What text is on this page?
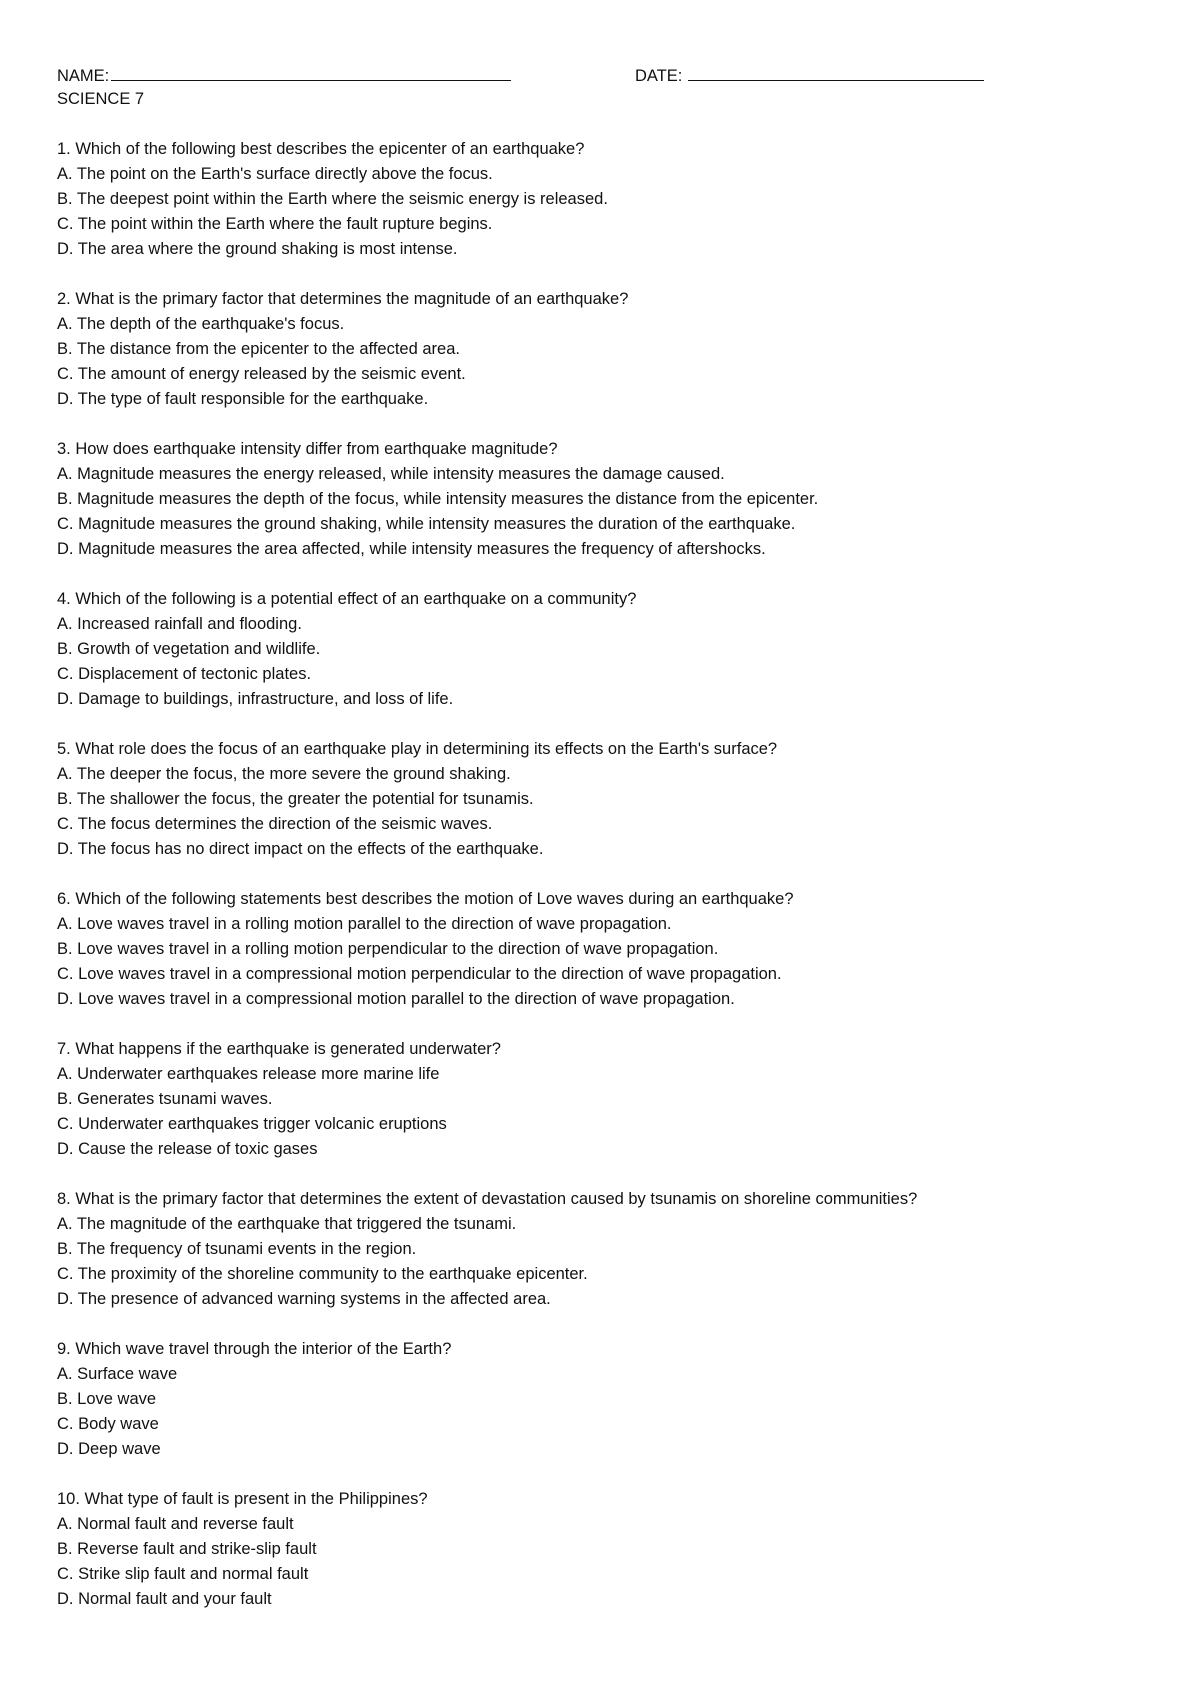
NAME:	DATE:
SCIENCE 7
1. Which of the following best describes the epicenter of an earthquake?
A. The point on the Earth's surface directly above the focus.
B. The deepest point within the Earth where the seismic energy is released.
C. The point within the Earth where the fault rupture begins.
D. The area where the ground shaking is most intense.
2. What is the primary factor that determines the magnitude of an earthquake?
A. The depth of the earthquake's focus.
B. The distance from the epicenter to the affected area.
C. The amount of energy released by the seismic event.
D. The type of fault responsible for the earthquake.
3. How does earthquake intensity differ from earthquake magnitude?
A. Magnitude measures the energy released, while intensity measures the damage caused.
B. Magnitude measures the depth of the focus, while intensity measures the distance from the epicenter.
C. Magnitude measures the ground shaking, while intensity measures the duration of the earthquake.
D. Magnitude measures the area affected, while intensity measures the frequency of aftershocks.
4. Which of the following is a potential effect of an earthquake on a community?
A. Increased rainfall and flooding.
B. Growth of vegetation and wildlife.
C. Displacement of tectonic plates.
D. Damage to buildings, infrastructure, and loss of life.
5. What role does the focus of an earthquake play in determining its effects on the Earth's surface?
A. The deeper the focus, the more severe the ground shaking.
B. The shallower the focus, the greater the potential for tsunamis.
C. The focus determines the direction of the seismic waves.
D. The focus has no direct impact on the effects of the earthquake.
6. Which of the following statements best describes the motion of Love waves during an earthquake?
A. Love waves travel in a rolling motion parallel to the direction of wave propagation.
B. Love waves travel in a rolling motion perpendicular to the direction of wave propagation.
C. Love waves travel in a compressional motion perpendicular to the direction of wave propagation.
D. Love waves travel in a compressional motion parallel to the direction of wave propagation.
7. What happens if the earthquake is generated underwater?
A. Underwater earthquakes release more marine life
B. Generates tsunami waves.
C. Underwater earthquakes trigger volcanic eruptions
D. Cause the release of toxic gases
8. What is the primary factor that determines the extent of devastation caused by tsunamis on shoreline communities?
A. The magnitude of the earthquake that triggered the tsunami.
B. The frequency of tsunami events in the region.
C. The proximity of the shoreline community to the earthquake epicenter.
D. The presence of advanced warning systems in the affected area.
9. Which wave travel through the interior of the Earth?
A. Surface wave
B. Love wave
C. Body wave
D. Deep wave
10. What type of fault is present in the Philippines?
A. Normal fault and reverse fault
B. Reverse fault and strike-slip fault
C. Strike slip fault and normal fault
D. Normal fault and your fault
